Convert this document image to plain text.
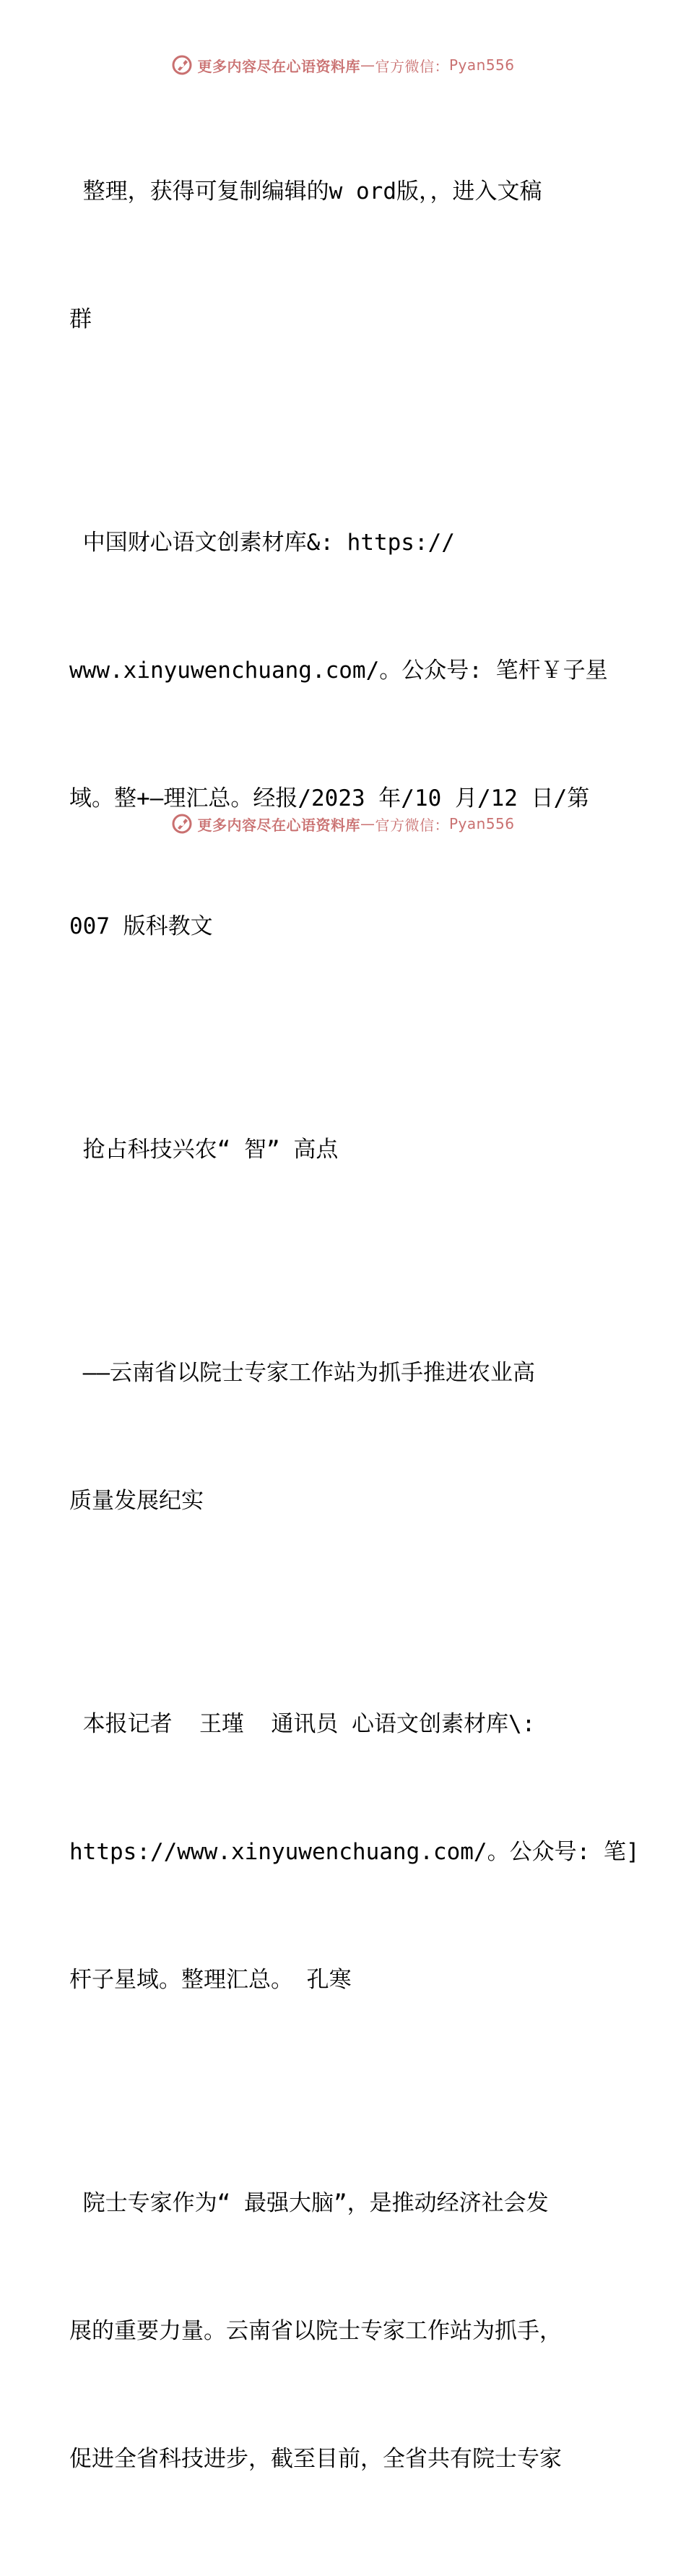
更多内容尽在心语资料库 — 官方微信： Pyan556

整理，获得可复制编辑的w ord版，，进入文稿

群

中国财心语文创素材库&: https://

www.xinyuwenchuang.com/。公众号: 笔杆￥子星

域。整+—理汇总。经报/2023 年/10 月/12 日/第

007 版科教文

抢占科技兴农“ 智” 高点

——云南省以院士专家工作站为抓手推进农业高

质量发展纪实

本报记者  王瑾  通讯员 心语文创素材库\:

https://www.xinyuwenchuang.com/。公众号: 笔]

杆子星域。整理汇总。 孔寒

院士专家作为“ 最强大脑”，是推动经济社会发

展的重要力量。云南省以院士专家工作站为抓手，

促进全省科技进步，截至目前，全省共有院士专家

更多内容尽在心语资料库 — 官方微信： Pyan556
